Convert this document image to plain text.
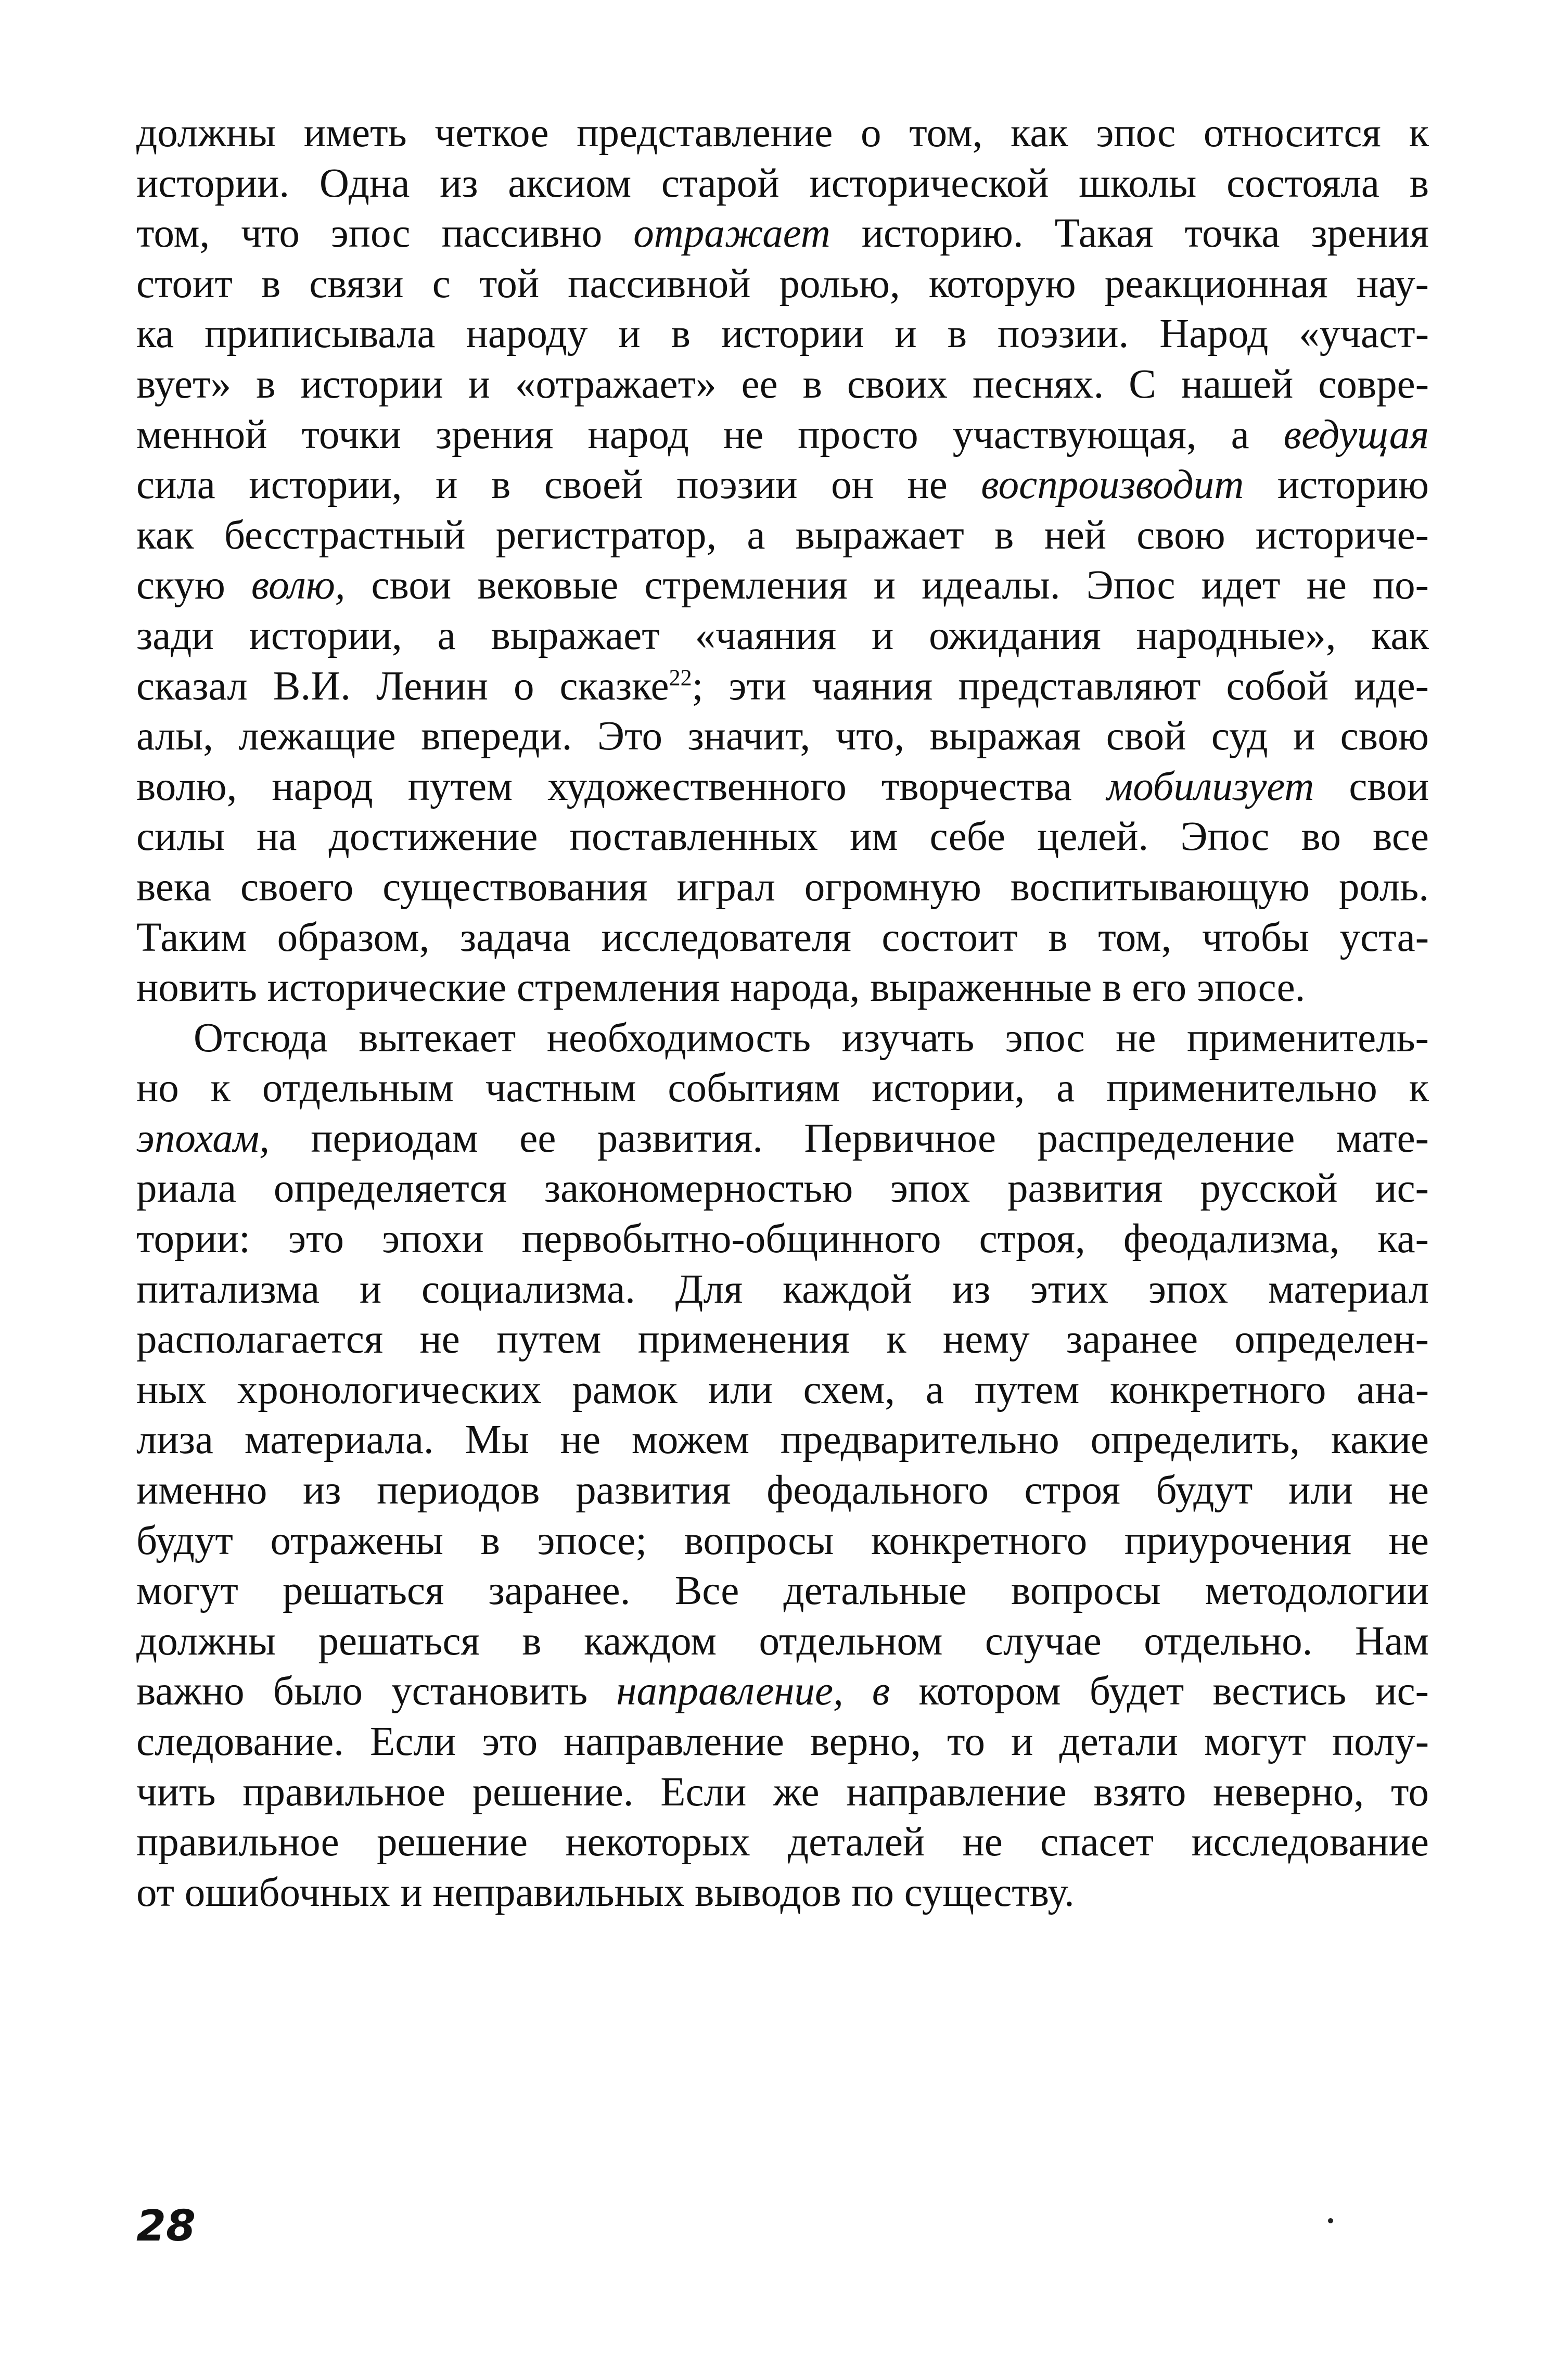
должны иметь четкое представление о том, как эпос относится к
истории. Одна из аксиом старой исторической школы состояла в
том, что эпос пассивно отражает историю. Такая точка зрения
стоит в связи с той пассивной ролью, которую реакционная нау-
ка приписывала народу и в истории и в поэзии. Народ «участ-
вует» в истории и «отражает» ее в своих песнях. С нашей совре-
менной точки зрения народ не просто участвующая, а ведущая
сила истории, и в своей поэзии он не воспроизводит историю
как бесстрастный регистратор, а выражает в ней свою историче-
скую волю, свои вековые стремления и идеалы. Эпос идет не по-
зади истории, а выражает «чаяния и ожидания народные», как
сказал В.И. Ленин о сказке$^{22}$; эти чаяния представляют собой иде-
алы, лежащие впереди. Это значит, что, выражая свой суд и свою
волю, народ путем художественного творчества мобилизует свои
силы на достижение поставленных им себе целей. Эпос во все
века своего существования играл огромную воспитывающую роль.
Таким образом, задача исследователя состоит в том, чтобы уста-
новить исторические стремления народа, выраженные в его эпосе.
Отсюда вытекает необходимость изучать эпос не применитель-
но к отдельным частным событиям истории, а применительно к
эпохам, периодам ее развития. Первичное распределение мате-
риала определяется закономерностью эпох развития русской ис-
тории: это эпохи первобытно-общинного строя, феодализма, ка-
питализма и социализма. Для каждой из этих эпох материал
располагается не путем применения к нему заранее определен-
ных хронологических рамок или схем, а путем конкретного ана-
лиза материала. Мы не можем предварительно определить, какие
именно из периодов развития феодального строя будут или не
будут отражены в эпосе; вопросы конкретного приурочения не
могут решаться заранее. Все детальные вопросы методологии
должны решаться в каждом отдельном случае отдельно. Нам
важно было установить направление, в котором будет вестись ис-
следование. Если это направление верно, то и детали могут полу-
чить правильное решение. Если же направление взято неверно, то
правильное решение некоторых деталей не спасет исследование
от ошибочных и неправильных выводов по существу.
28
